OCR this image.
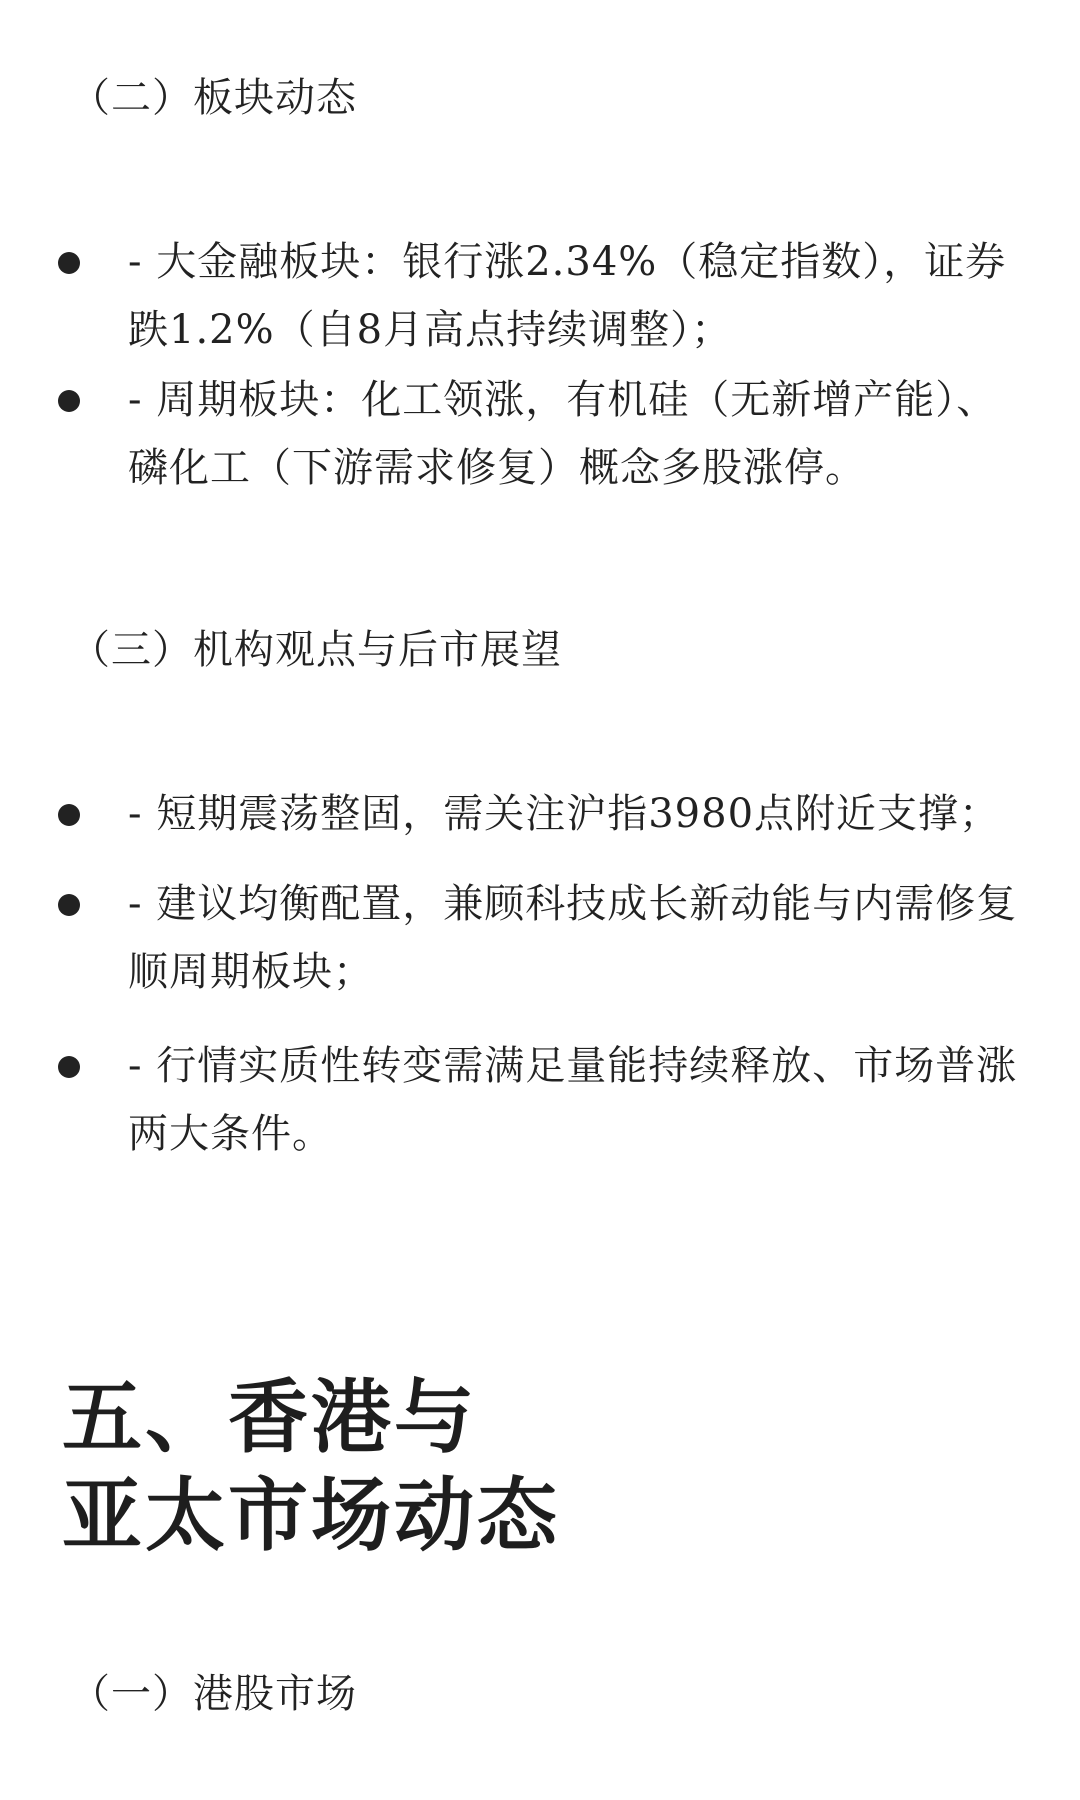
（二）板块动态
- 大金融板块：银行涨2.34%（稳定指数），证券跌1.2%（自8月高点持续调整）；
- 周期板块：化工领涨，有机硅（无新增产能）、磷化工（下游需求修复）概念多股涨停。
（三）机构观点与后市展望
- 短期震荡整固，需关注沪指3980点附近支撑；
- 建议均衡配置，兼顾科技成长新动能与内需修复顺周期板块；
- 行情实质性转变需满足量能持续释放、市场普涨两大条件。
五、香港与
亚太市场动态
（一）港股市场
